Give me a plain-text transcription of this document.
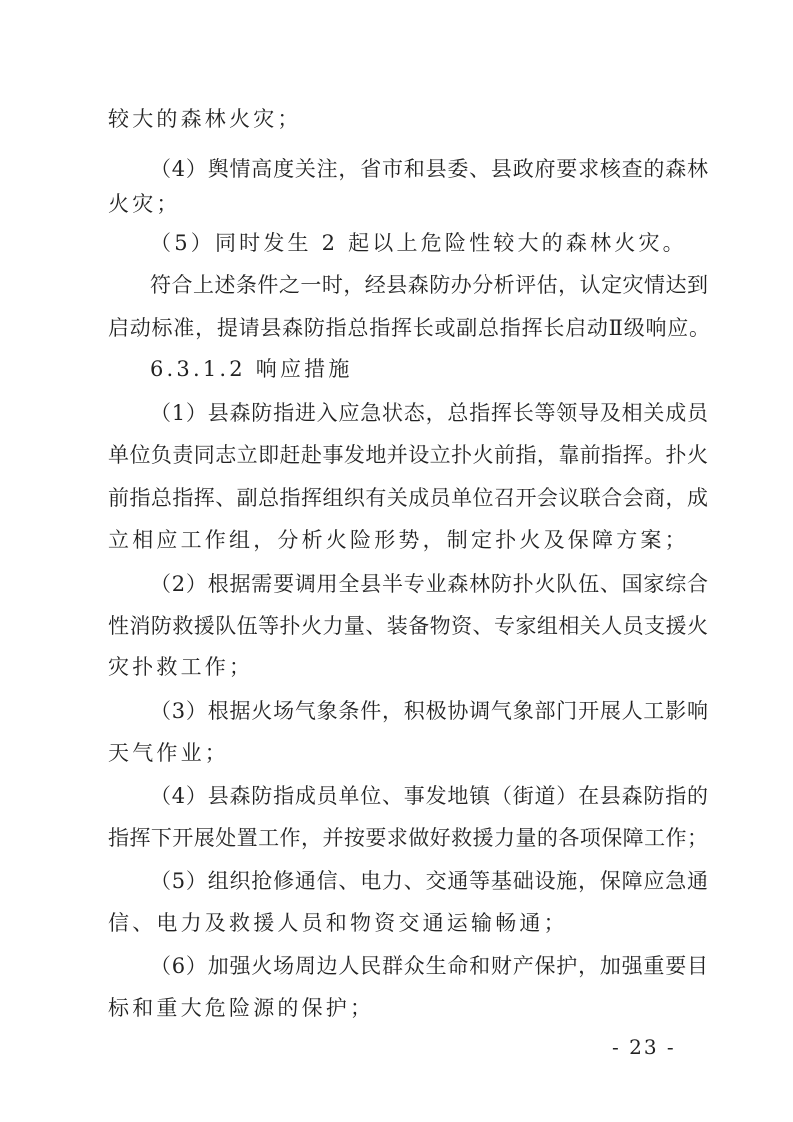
较大的森林火灾；

（4）舆情高度关注，省市和县委、县政府要求核查的森林

火灾；

（5）同时发生 2 起以上危险性较大的森林火灾。

符合上述条件之一时，经县森防办分析评估，认定灾情达到

启动标准，提请县森防指总指挥长或副总指挥长启动Ⅱ级响应。

6.3.1.2 响应措施

（1）县森防指进入应急状态，总指挥长等领导及相关成员

单位负责同志立即赶赴事发地并设立扑火前指，靠前指挥。扑火

前指总指挥、副总指挥组织有关成员单位召开会议联合会商，成

立相应工作组，分析火险形势，制定扑火及保障方案；

（2）根据需要调用全县半专业森林防扑火队伍、国家综合

性消防救援队伍等扑火力量、装备物资、专家组相关人员支援火

灾扑救工作；

（3）根据火场气象条件，积极协调气象部门开展人工影响

天气作业；

（4）县森防指成员单位、事发地镇（街道）在县森防指的

指挥下开展处置工作，并按要求做好救援力量的各项保障工作；

（5）组织抢修通信、电力、交通等基础设施，保障应急通

信、电力及救援人员和物资交通运输畅通；

（6）加强火场周边人民群众生命和财产保护，加强重要目

标和重大危险源的保护；

- 23 -
